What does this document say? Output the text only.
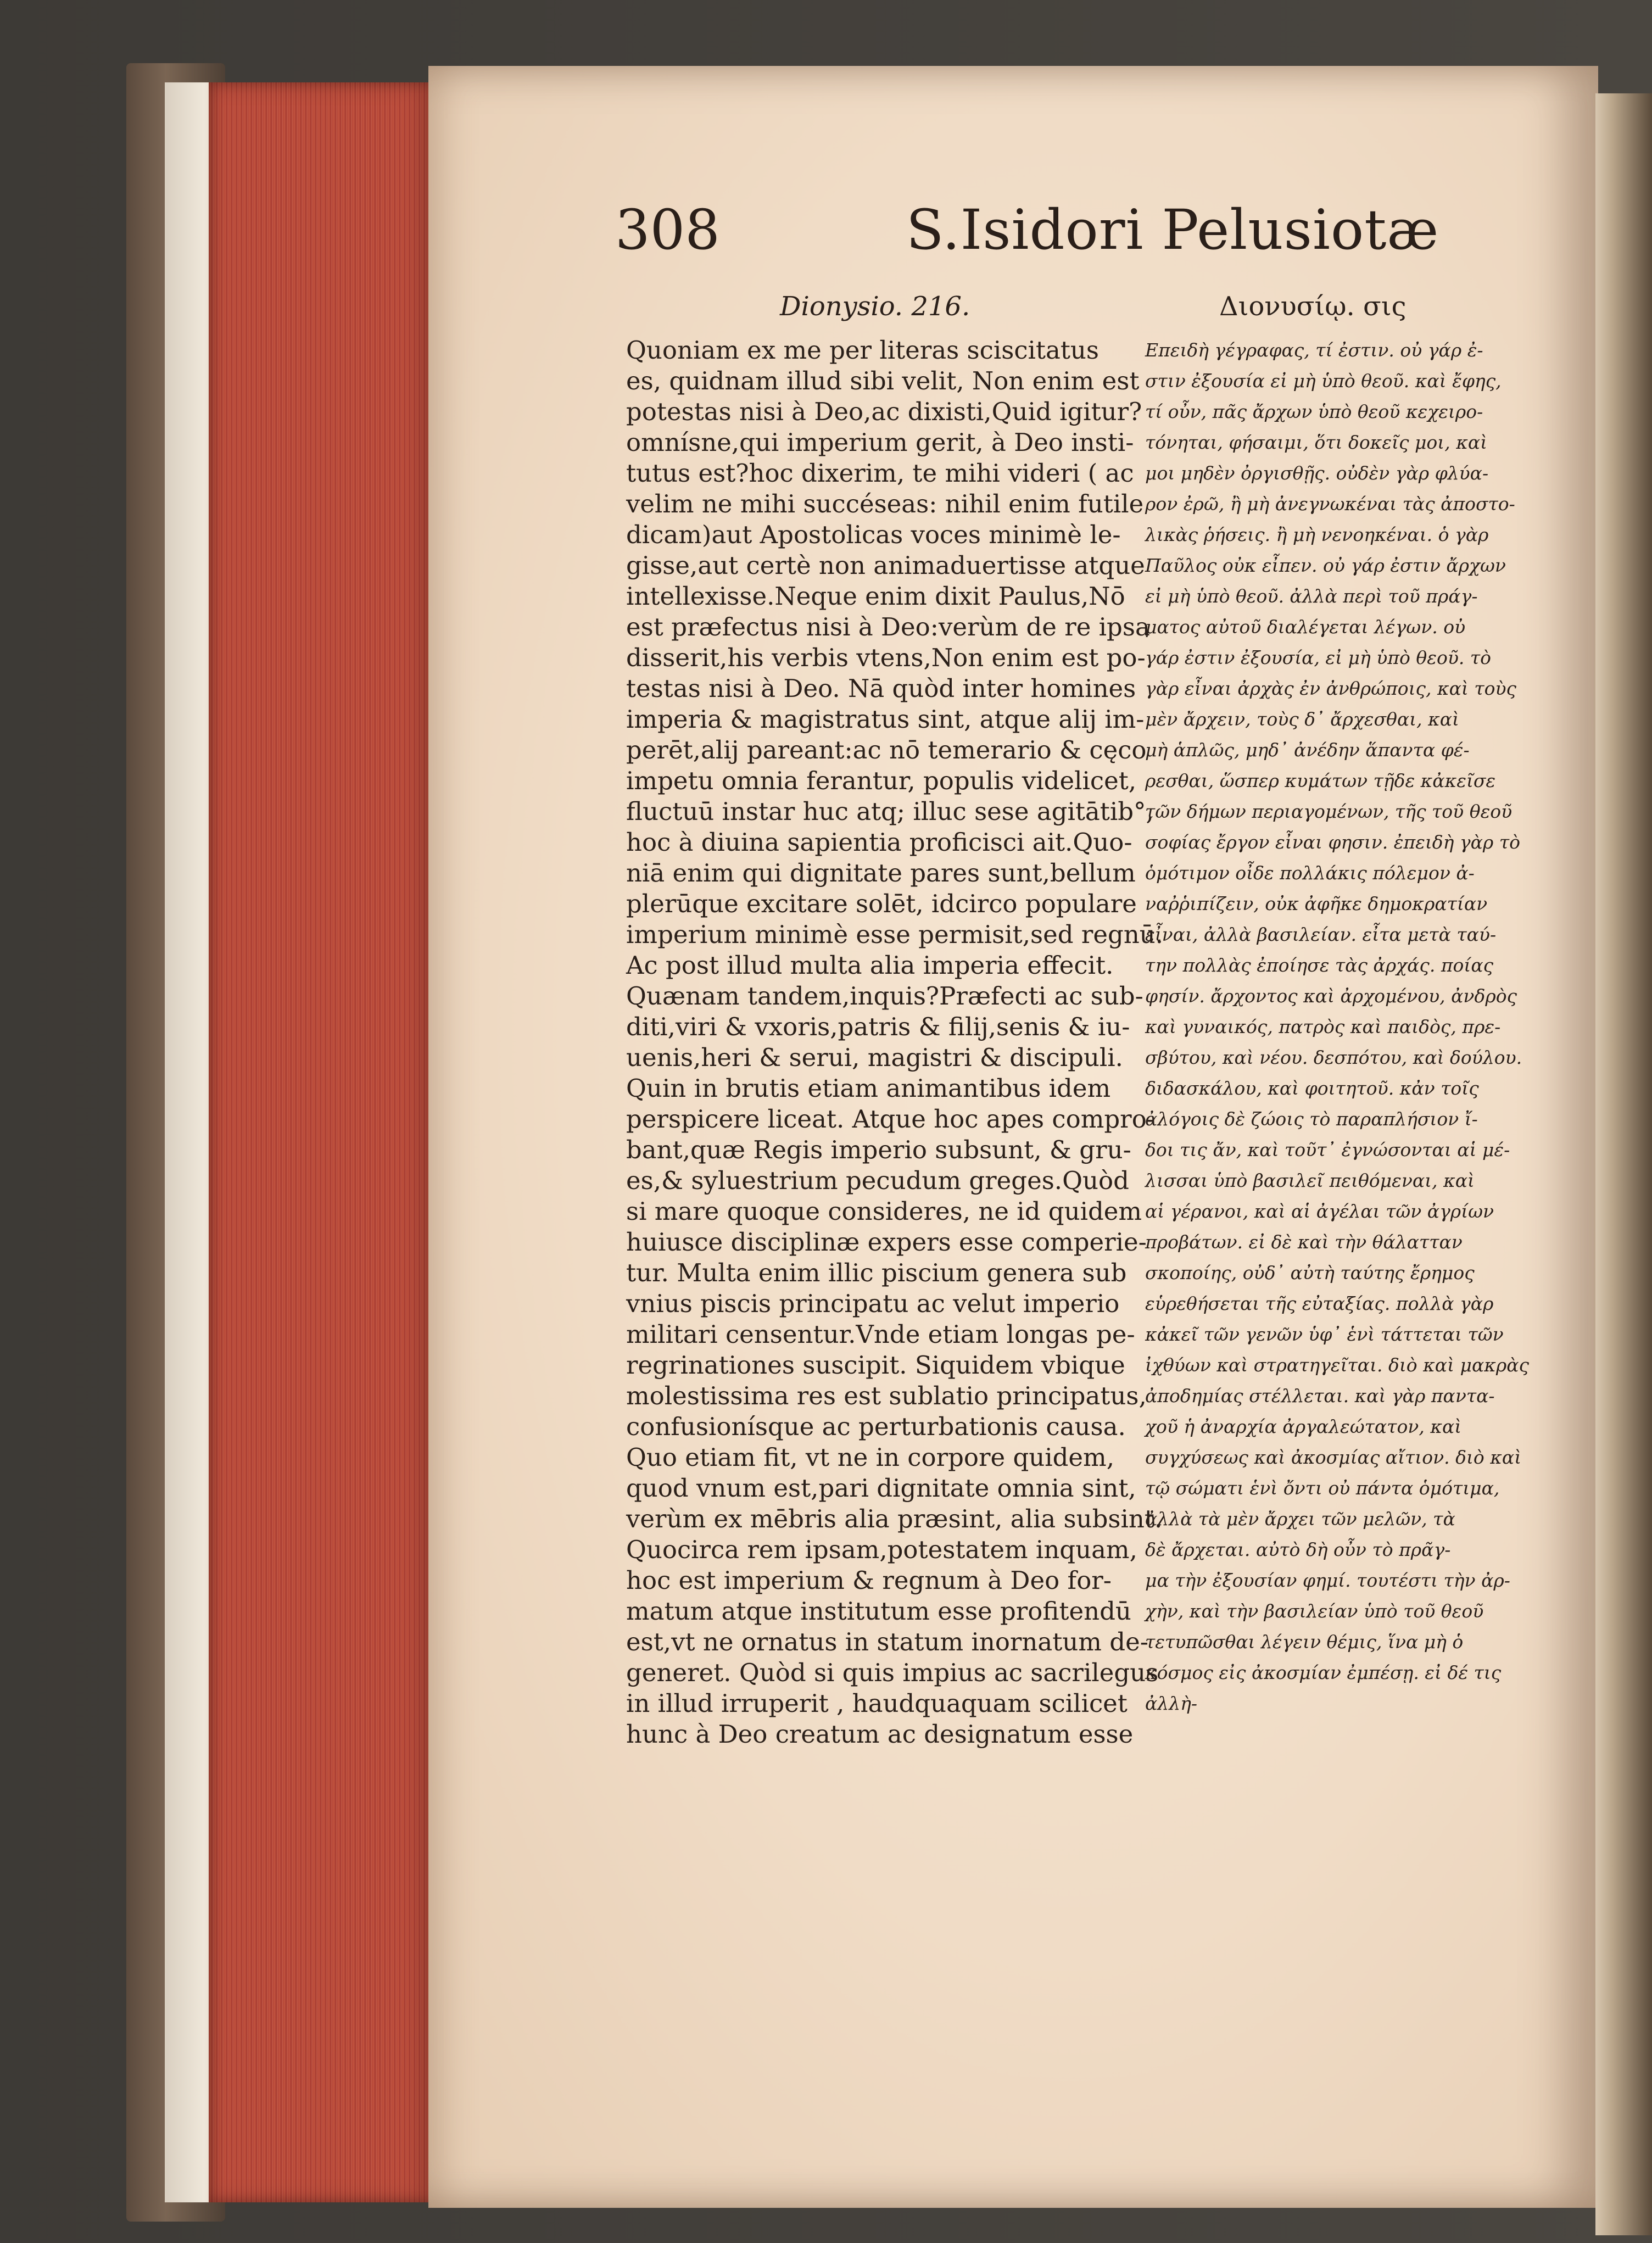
308	S.Isidori Pelusiotæ
Dionysio. 216.	Διονυσίῳ. σις
Quoniam ex me per literas sciscitatus
es, quidnam illud sibi velit, Non enim est
potestas nisi à Deo,ac dixisti,Quid igitur?
omnísne,qui imperium gerit, à Deo insti-
tutus est?hoc dixerim, te mihi videri ( ac
velim ne mihi succéseas: nihil enim futile
dicam)aut Apostolicas voces minimè le-
gisse,aut certè non animaduertisse atque
intellexisse.Neque enim dixit Paulus,Nō
est præfectus nisi à Deo:verùm de re ipsa
disserit,his verbis vtens,Non enim est po-
testas nisi à Deo. Nā quòd inter homines
imperia & magistratus sint, atque alij im-
perēt,alij pareant:ac nō temerario & cęco
impetu omnia ferantur, populis videlicet,
fluctuū instar huc atq; illuc sese agitātib°,
hoc à diuina sapientia proficisci ait.Quo-
niā enim qui dignitate pares sunt,bellum
plerūque excitare solēt, idcirco populare
imperium minimè esse permisit,sed regnū.
Ac post illud multa alia imperia effecit.
Quænam tandem,inquis?Præfecti ac sub-
diti,viri & vxoris,patris & filij,senis & iu-
uenis,heri & serui, magistri & discipuli.
Quin in brutis etiam animantibus idem
perspicere liceat. Atque hoc apes compro-
bant,quæ Regis imperio subsunt, & gru-
es,& syluestrium pecudum greges.Quòd
si mare quoque consideres, ne id quidem
huiusce disciplinæ expers esse comperie-
tur. Multa enim illic piscium genera sub
vnius piscis principatu ac velut imperio
militari censentur.Vnde etiam longas pe-
regrinationes suscipit. Siquidem vbique
molestissima res est sublatio principatus,
confusionísque ac perturbationis causa.
Quo etiam fit, vt ne in corpore quidem,
quod vnum est,pari dignitate omnia sint,
verùm ex mēbris alia præsint, alia subsint.
Quocirca rem ipsam,potestatem inquam,
hoc est imperium & regnum à Deo for-
matum atque institutum esse profitendū
est,vt ne ornatus in statum inornatum de-
generet. Quòd si quis impius ac sacrilegus
in illud irruperit , haudquaquam scilicet
hunc à Deo creatum ac designatum esse
Επειδὴ γέγραφας, τί ἐστιν. οὐ γάρ ἐ-
στιν ἐξουσία εἰ μὴ ὑπὸ θεοῦ. καὶ ἔφης,
τί οὖν, πᾶς ἄρχων ὑπὸ θεοῦ κεχειρο-
τόνηται, φήσαιμι, ὅτι δοκεῖς μοι, καὶ
μοι μηδὲν ὀργισθῇς. οὐδὲν γὰρ φλύα-
ρον ἐρῶ, ἢ μὴ ἀνεγνωκέναι τὰς ἀποστο-
λικὰς ῥήσεις. ἢ μὴ νενοηκέναι. ὁ γὰρ
Παῦλος οὐκ εἶπεν. οὐ γάρ ἐστιν ἄρχων
εἰ μὴ ὑπὸ θεοῦ. ἀλλὰ περὶ τοῦ πράγ-
ματος αὐτοῦ διαλέγεται λέγων. οὐ
γάρ ἐστιν ἐξουσία, εἰ μὴ ὑπὸ θεοῦ. τὸ
γὰρ εἶναι ἀρχὰς ἐν ἀνθρώποις, καὶ τοὺς
μὲν ἄρχειν, τοὺς δ᾽ ἄρχεσθαι, καὶ
μὴ ἁπλῶς, μηδ᾽ ἀνέδην ἅπαντα φέ-
ρεσθαι, ὥσπερ κυμάτων τῇδε κἀκεῖσε
τῶν δήμων περιαγομένων, τῆς τοῦ θεοῦ
σοφίας ἔργον εἶναι φησιν. ἐπειδὴ γὰρ τὸ
ὁμότιμον οἶδε πολλάκις πόλεμον ἀ-
ναῤῥιπίζειν, οὐκ ἀφῆκε δημοκρατίαν
εἶναι, ἀλλὰ βασιλείαν. εἶτα μετὰ ταύ-
την πολλὰς ἐποίησε τὰς ἀρχάς. ποίας
φησίν. ἄρχοντος καὶ ἀρχομένου, ἀνδρὸς
καὶ γυναικός, πατρὸς καὶ παιδὸς, πρε-
σβύτου, καὶ νέου. δεσπότου, καὶ δούλου.
διδασκάλου, καὶ φοιτητοῦ. κἀν τοῖς
ἀλόγοις δὲ ζώοις τὸ παραπλήσιον ἴ-
δοι τις ἄν, καὶ τοῦτ᾽ ἐγνώσονται αἱ μέ-
λισσαι ὑπὸ βασιλεῖ πειθόμεναι, καὶ
αἱ γέρανοι, καὶ αἱ ἀγέλαι τῶν ἀγρίων
προβάτων. εἰ δὲ καὶ τὴν θάλατταν
σκοποίης, οὐδ᾽ αὐτὴ ταύτης ἔρημος
εὑρεθήσεται τῆς εὐταξίας. πολλὰ γὰρ
κἀκεῖ τῶν γενῶν ὑφ᾽ ἑνὶ τάττεται τῶν
ἰχθύων καὶ στρατηγεῖται. διὸ καὶ μακρὰς
ἀποδημίας στέλλεται. καὶ γὰρ παντα-
χοῦ ἡ ἀναρχία ἀργαλεώτατον, καὶ
συγχύσεως καὶ ἀκοσμίας αἴτιον. διὸ καὶ
τῷ σώματι ἑνὶ ὄντι οὐ πάντα ὁμότιμα,
ἀλλὰ τὰ μὲν ἄρχει τῶν μελῶν, τὰ
δὲ ἄρχεται. αὐτὸ δὴ οὖν τὸ πρᾶγ-
μα τὴν ἐξουσίαν φημί. τουτέστι τὴν ἀρ-
χὴν, καὶ τὴν βασιλείαν ὑπὸ τοῦ θεοῦ
τετυπῶσθαι λέγειν θέμις, ἵνα μὴ ὁ
κόσμος εἰς ἀκοσμίαν ἐμπέσῃ. εἰ δέ τις
ἀλλὴ-
